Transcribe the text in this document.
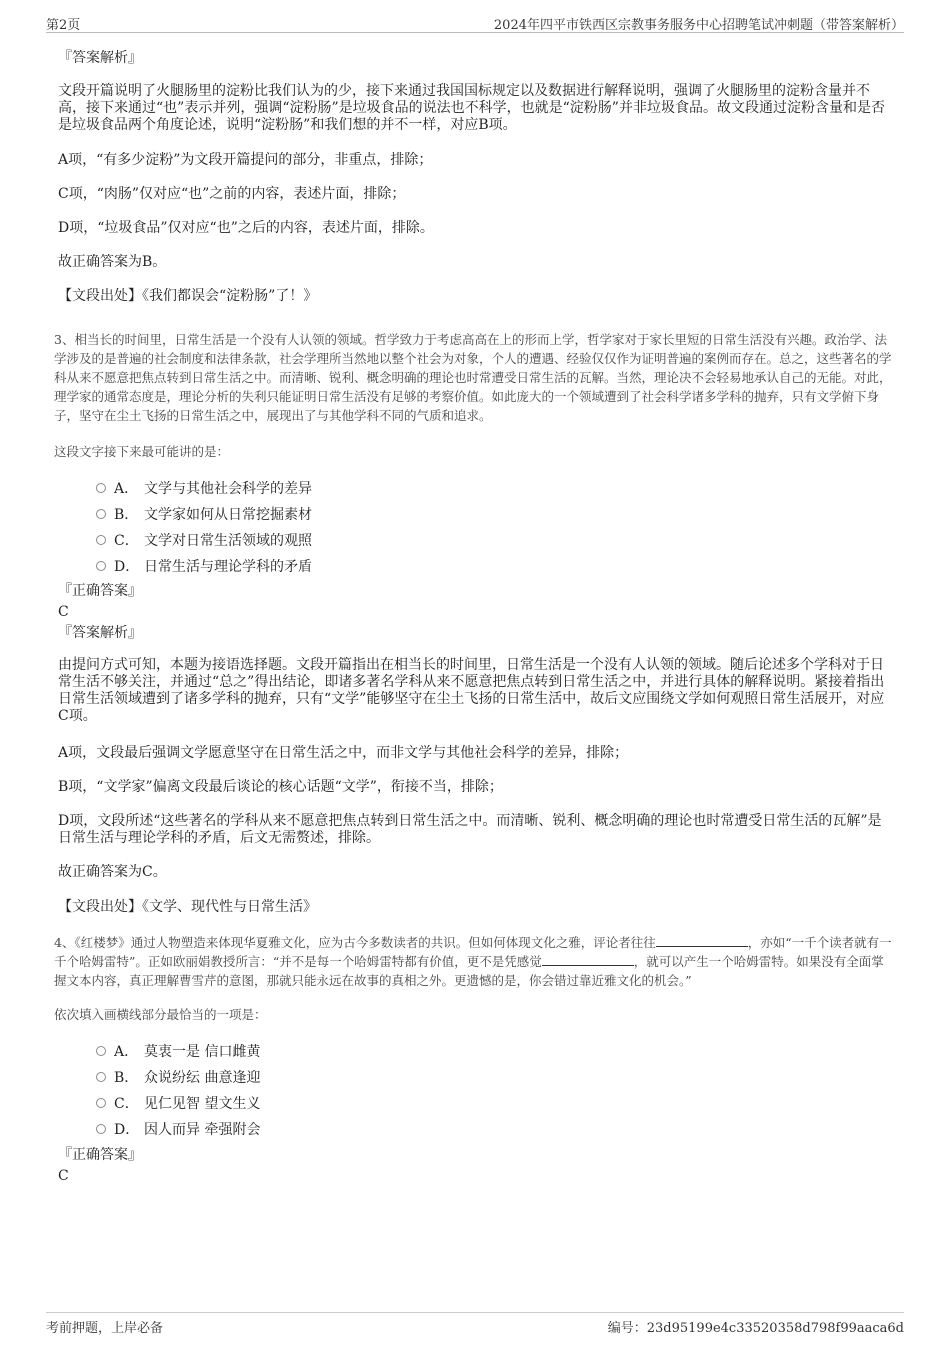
第2页	2024年四平市铁西区宗教事务服务中心招聘笔试冲刺题（带答案解析）
『答案解析』
文段开篇说明了火腿肠里的淀粉比我们认为的少，接下来通过我国国标规定以及数据进行解释说明，强调了火腿肠里的淀粉含量并不高，接下来通过“也”表示并列，强调“淀粉肠”是垃圾食品的说法也不科学，也就是“淀粉肠”并非垃圾食品。故文段通过淀粉含量和是否是垃圾食品两个角度论述，说明“淀粉肠”和我们想的并不一样，对应B项。
A项，“有多少淀粉”为文段开篇提问的部分，非重点，排除；
C项，“肉肠”仅对应“也”之前的内容，表述片面，排除；
D项，“垃圾食品”仅对应“也”之后的内容，表述片面，排除。
故正确答案为B。
【文段出处】《我们都误会“淀粉肠”了！》
3、相当长的时间里，日常生活是一个没有人认领的领域。哲学致力于考虑高高在上的形而上学，哲学家对于家长里短的日常生活没有兴趣。政治学、法学涉及的是普遍的社会制度和法律条款，社会学理所当然地以整个社会为对象，个人的遭遇、经验仅仅作为证明普遍的案例而存在。总之，这些著名的学科从来不愿意把焦点转到日常生活之中。而清晰、锐利、概念明确的理论也时常遭受日常生活的瓦解。当然，理论决不会轻易地承认自己的无能。对此，理学家的通常态度是，理论分析的失利只能证明日常生活没有足够的考察价值。如此庞大的一个领域遭到了社会科学诸多学科的抛弃，只有文学俯下身子，坚守在尘土飞扬的日常生活之中，展现出了与其他学科不同的气质和追求。
这段文字接下来最可能讲的是：
A． 文学与其他社会科学的差异
B． 文学家如何从日常挖掘素材
C． 文学对日常生活领域的观照
D． 日常生活与理论学科的矛盾
『正确答案』
C
『答案解析』
由提问方式可知，本题为接语选择题。文段开篇指出在相当长的时间里，日常生活是一个没有人认领的领域。随后论述多个学科对于日常生活不够关注，并通过“总之”得出结论，即诸多著名学科从来不愿意把焦点转到日常生活之中，并进行具体的解释说明。紧接着指出日常生活领域遭到了诸多学科的抛弃，只有“文学”能够坚守在尘土飞扬的日常生活中，故后文应围绕文学如何观照日常生活展开，对应C项。
A项，文段最后强调文学愿意坚守在日常生活之中，而非文学与其他社会科学的差异，排除；
B项，“文学家”偏离文段最后谈论的核心话题“文学”，衔接不当，排除；
D项，文段所述“这些著名的学科从来不愿意把焦点转到日常生活之中。而清晰、锐利、概念明确的理论也时常遭受日常生活的瓦解”是日常生活与理论学科的矛盾，后文无需赘述，排除。
故正确答案为C。
【文段出处】《文学、现代性与日常生活》
4、《红楼梦》通过人物塑造来体现华夏雅文化，应为古今多数读者的共识。但如何体现文化之雅，评论者往往	，亦如“一千个读者就有一千个哈姆雷特”。正如欧丽娟教授所言：“并不是每一个哈姆雷特都有价值，更不是凭感觉	，就可以产生一个哈姆雷特。如果没有全面掌握文本内容，真正理解曹雪芹的意图，那就只能永远在故事的真相之外。更遗憾的是，你会错过靠近雅文化的机会。”
依次填入画横线部分最恰当的一项是：
A． 莫衷一是 信口雌黄
B． 众说纷纭 曲意逢迎
C． 见仁见智 望文生义
D． 因人而异 牵强附会
『正确答案』
C
考前押题，上岸必备	编号：23d95199e4c33520358d798f99aaca6d
